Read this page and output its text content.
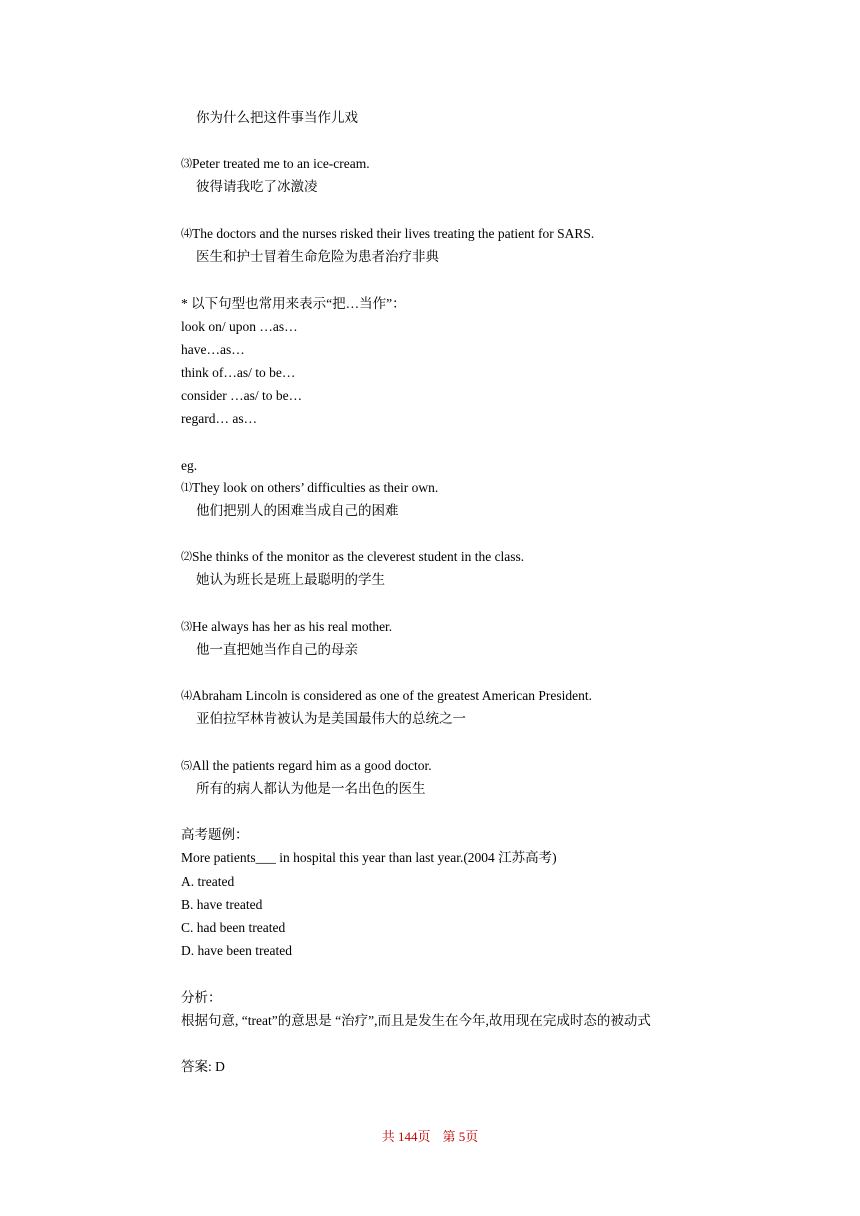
你为什么把这件事当作儿戏
⑶Peter treated me to an ice-cream.
彼得请我吃了冰激凌
⑷The doctors and the nurses risked their lives treating the patient for SARS.
医生和护士冒着生命危险为患者治疗非典
* 以下句型也常用来表示“把…当作”：
look on/ upon …as…
have…as…
think of…as/ to be…
consider …as/ to be…
regard… as…
eg.
⑴They look on others’ difficulties as their own.
他们把别人的困难当成自己的困难
⑵She thinks of the monitor as the cleverest student in the class.
她认为班长是班上最聪明的学生
⑶He always has her as his real mother.
他一直把她当作自己的母亲
⑷Abraham Lincoln is considered as one of the greatest American President.
亚伯拉罕林肯被认为是美国最伟大的总统之一
⑸All the patients regard him as a good doctor.
所有的病人都认为他是一名出色的医生
高考题例：
More patients___ in hospital this year than last year.(2004 江苏高考)
A. treated
B. have treated
C. had been treated
D. have been treated
分析：
根据句意, “treat”的意思是 “治疗”,而且是发生在今年,故用现在完成时态的被动式
答案: D
共 144页 第 5页
